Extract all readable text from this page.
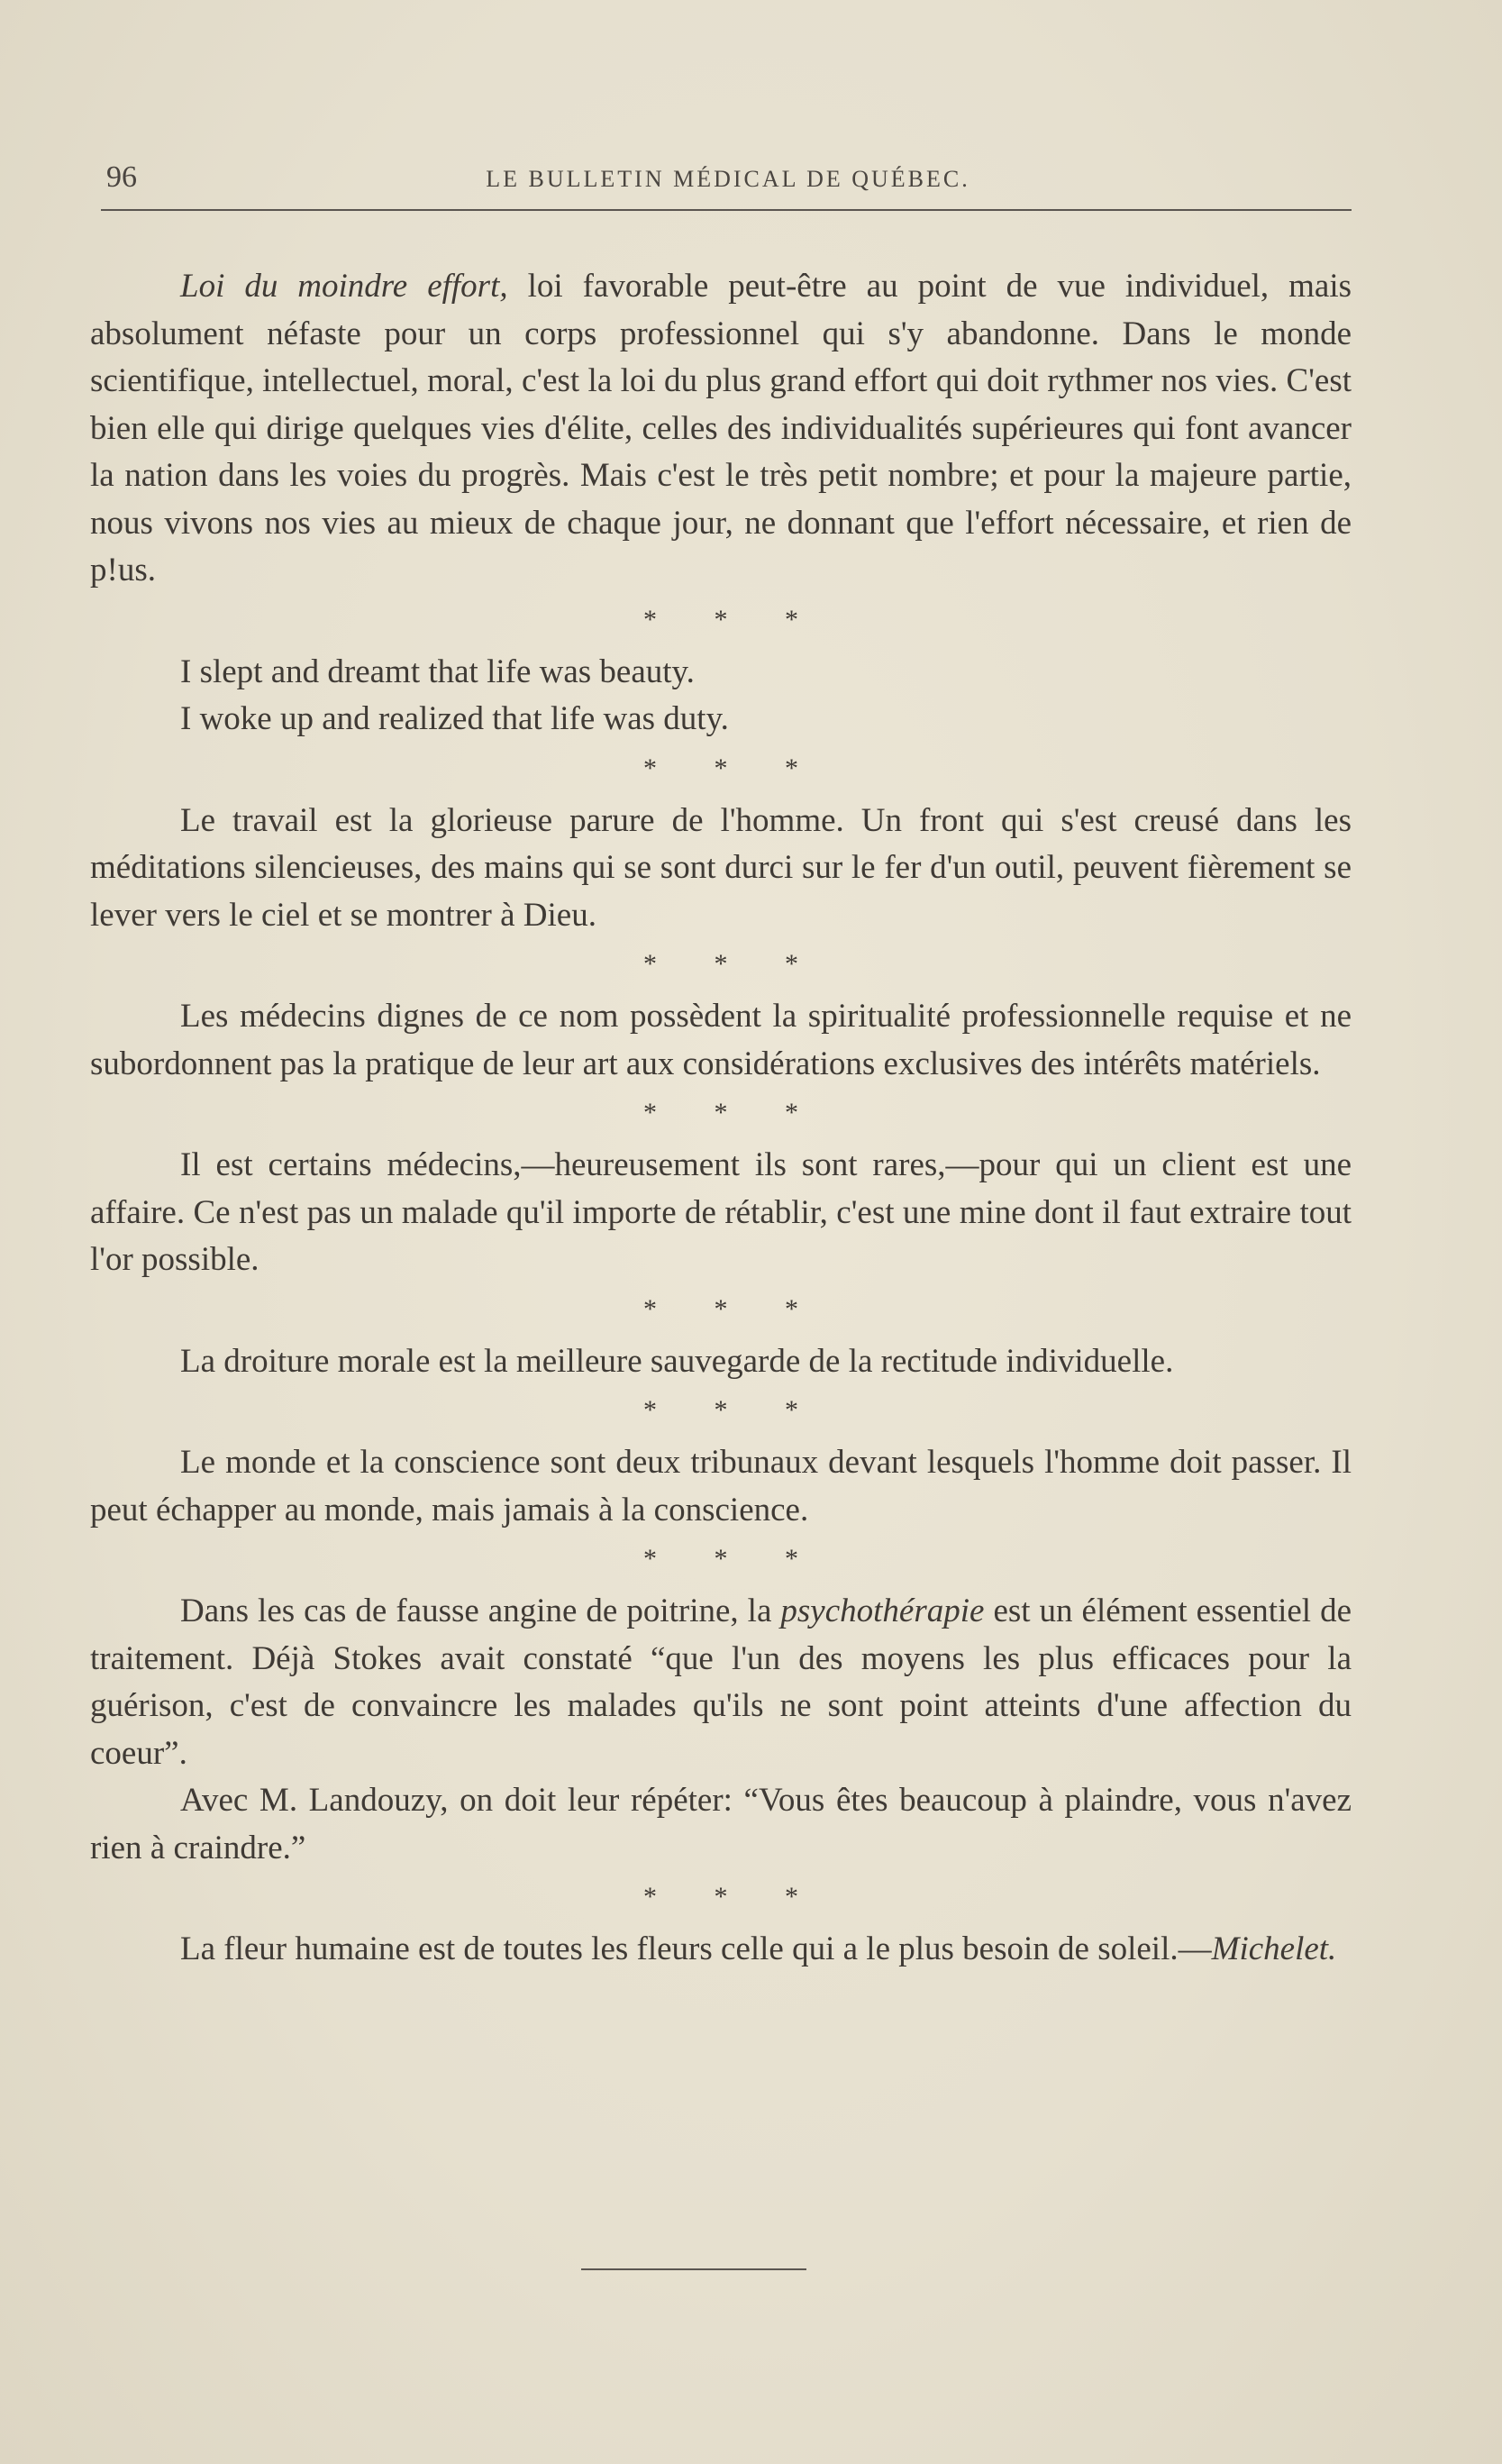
96	LE BULLETIN MÉDICAL DE QUÉBEC.

Loi du moindre effort, loi favorable peut-être au point de vue individuel, mais absolument néfaste pour un corps professionnel qui s'y abandonne. Dans le monde scientifique, intellectuel, moral, c'est la loi du plus grand effort qui doit rythmer nos vies. C'est bien elle qui dirige quelques vies d'élite, celles des individualités supérieures qui font avancer la nation dans les voies du progrès. Mais c'est le très petit nombre; et pour la majeure partie, nous vivons nos vies au mieux de chaque jour, ne donnant que l'effort nécessaire, et rien de p!us.

* * *

I slept and dreamt that life was beauty.

I woke up and realized that life was duty.

* * *

Le travail est la glorieuse parure de l'homme. Un front qui s'est creusé dans les méditations silencieuses, des mains qui se sont durci sur le fer d'un outil, peuvent fièrement se lever vers le ciel et se montrer à Dieu.

* * *

Les médecins dignes de ce nom possèdent la spiritualité professionnelle requise et ne subordonnent pas la pratique de leur art aux considérations exclusives des intérêts matériels.

* * *

Il est certains médecins,—heureusement ils sont rares,—pour qui un client est une affaire. Ce n'est pas un malade qu'il importe de rétablir, c'est une mine dont il faut extraire tout l'or possible.

* * *

La droiture morale est la meilleure sauvegarde de la rectitude individuelle.

* * *

Le monde et la conscience sont deux tribunaux devant lesquels l'homme doit passer. Il peut échapper au monde, mais jamais à la conscience.

* * *

Dans les cas de fausse angine de poitrine, la psychothérapie est un élément essentiel de traitement. Déjà Stokes avait constaté “que l'un des moyens les plus efficaces pour la guérison, c'est de convaincre les malades qu'ils ne sont point atteints d'une affection du coeur”.

Avec M. Landouzy, on doit leur répéter: “Vous êtes beaucoup à plaindre, vous n'avez rien à craindre.”

* * *

La fleur humaine est de toutes les fleurs celle qui a le plus besoin de soleil.—Michelet.
